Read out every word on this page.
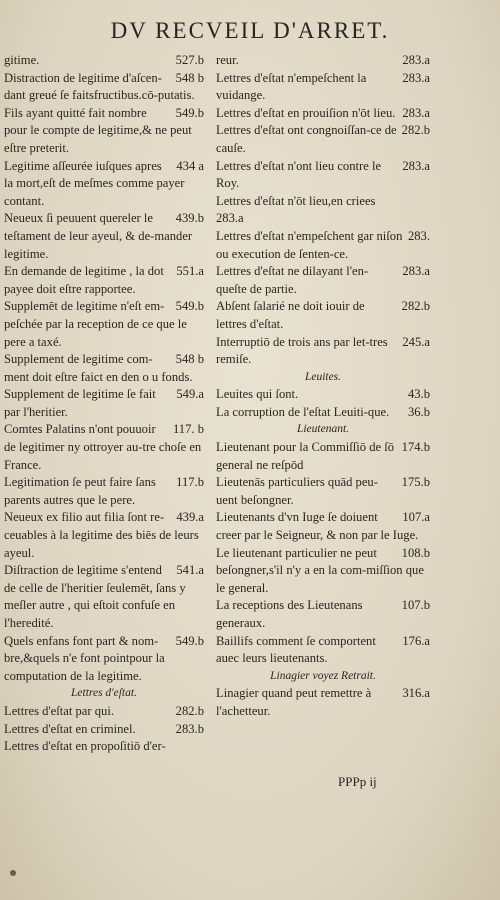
DV RECVEIL D'ARRET.

527.b
gitime.

548 b
Distraction de legitime d'aſcen-dant greué ſe faitsfructibus.cō-putatis.

549.b
Fils ayant quitté fait nombre pour le compte de legitime,& ne peut eſtre preterit.

434 a
Legitime aſſeurée iuſques apres la mort,eſt de meſmes comme payer contant.

439.b
Neueux ſi peuuent quereler le teſtament de leur ayeul, & de-mander legitime.

551.a
En demande de legitime , la dot payee doit eſtre rapportee.

549.b
Supplemēt de legitime n'eſt em-peſchée par la reception de ce que le pere a taxé.

548 b
Supplement de legitime com-ment doit eſtre faict en den o u fonds.

549.a
Supplement de legitime ſe fait par l'heritier.

117. b
Comtes Palatins n'ont pouuoir de legitimer ny ottroyer au-tre choſe en France.

117.b
Legitimation ſe peut faire ſans parents autres que le pere.

439.a
Neueux ex filio aut filia ſont re-ceuables à la legitime des biēs de leurs ayeul.

541.a
Diſtraction de legitime s'entend de celle de l'heritier ſeulemēt, ſans y meſler autre , qui eſtoit confuſe en l'heredité.

549.b
Quels enfans font part & nom-bre,&quels n'e font pointpour la computation de la legitime.

Lettres d'eſtat.

282.b
Lettres d'eſtat par qui.

283.b
Lettres d'eſtat en criminel.

Lettres d'eſtat en propoſitiō d'er-

283.a
reur.

283.a
Lettres d'eſtat n'empeſchent la vuidange.

283.a
Lettres d'eſtat en prouiſion n'ōt lieu.

282.b
Lettres d'eſtat ont congnoiſſan-ce de cauſe.

283.a
Lettres d'eſtat n'ont lieu contre le Roy.

Lettres d'eſtat n'ōt lieu,en criees

283.a

283.
Lettres d'eſtat n'empeſchent gar niſon ou execution de ſenten-ce.

283.a
Lettres d'eſtat ne dilayant l'en-queſte de partie.

282.b
Abſent ſalarié ne doit iouir de lettres d'eſtat.

245.a
Interruptiō de trois ans par let-tres remiſe.

Leuites.

43.b
Leuites qui ſont.

36.b
La corruption de l'eſtat Leuiti-que.

Lieutenant.

174.b
Lieutenant pour la Commiſſiō de ſō general ne reſpōd

175.b
Lieutenās particuliers quād peu-uent beſongner.

107.a
Lieutenants d'vn Iuge ſe doiuent creer par le Seigneur, & non par le Iuge.

108.b
Le lieutenant particulier ne peut beſongner,s'il n'y a en la com-miſſion que le general.

107.b
La receptions des Lieutenans generaux.

176.a
Baillifs comment ſe comportent auec leurs lieutenants.

Linagier voyez Retrait.

316.a
Linagier quand peut remettre à l'achetteur.

PPPp ij
